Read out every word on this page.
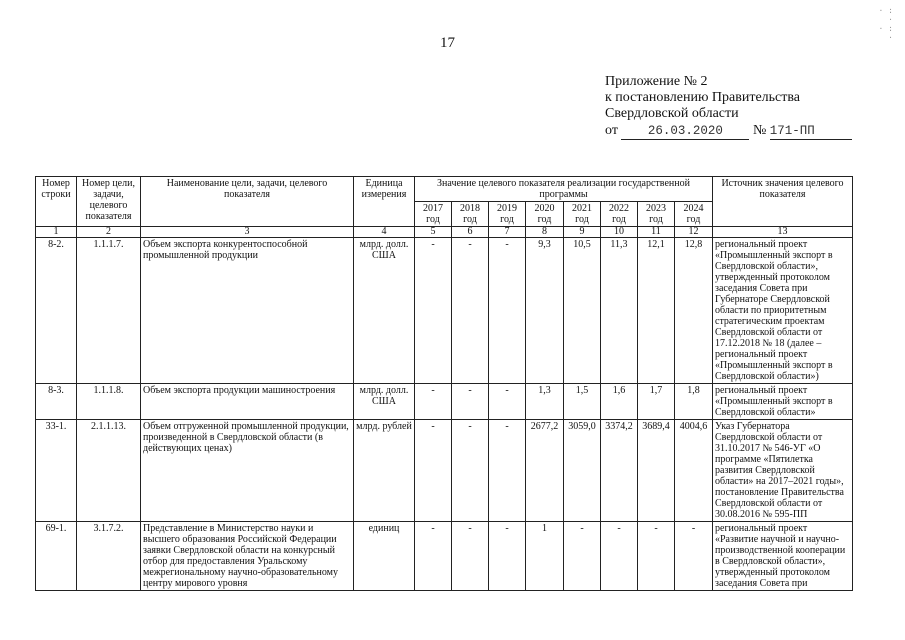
17
· :
·
· :
·
Приложение № 2
к постановлению Правительства
Свердловской области
от 26.03.2020 № 171-ПП
Номер строки	Номер цели, задачи, целевого показателя	Наименование цели, задачи, целевого показателя	Единица измерения	Значение целевого показателя реализации государственной программы								Источник значения целевого показателя
				2017 год	2018 год	2019 год	2020 год	2021 год	2022 год	2023 год	2024 год	
1	2	3	4	5	6	7	8	9	10	11	12	13
8-2.	1.1.1.7.	Объем экспорта конкурентоспособной промышленной продукции	млрд. долл. США	-	-	-	9,3	10,5	11,3	12,1	12,8	региональный проект «Промышленный экспорт в Свердловской области», утвержденный протоколом заседания Совета при Губернаторе Свердловской области по приоритетным стратегическим проектам Свердловской области от 17.12.2018 № 18 (далее – региональный проект «Промышленный экспорт в Свердловской области»)
8-3.	1.1.1.8.	Объем экспорта продукции машиностроения	млрд. долл. США	-	-	-	1,3	1,5	1,6	1,7	1,8	региональный проект «Промышленный экспорт в Свердловской области»
33-1.	2.1.1.13.	Объем отгруженной промышленной продукции, произведенной в Свердловской области (в действующих ценах)	млрд. рублей	-	-	-	2677,2	3059,0	3374,2	3689,4	4004,6	Указ Губернатора Свердловской области от 31.10.2017 № 546-УГ «О программе «Пятилетка развития Свердловской области» на 2017–2021 годы», постановление Правительства Свердловской области от 30.08.2016 № 595-ПП
69-1.	3.1.7.2.	Представление в Министерство науки и высшего образования Российской Федерации заявки Свердловской области на конкурсный отбор для предоставления Уральскому межрегиональному научно-образовательному центру мирового уровня	единиц	-	-	-	1	-	-	-	-	региональный проект «Развитие научной и научно-производственной кооперации в Свердловской области», утвержденный протоколом заседания Совета при
